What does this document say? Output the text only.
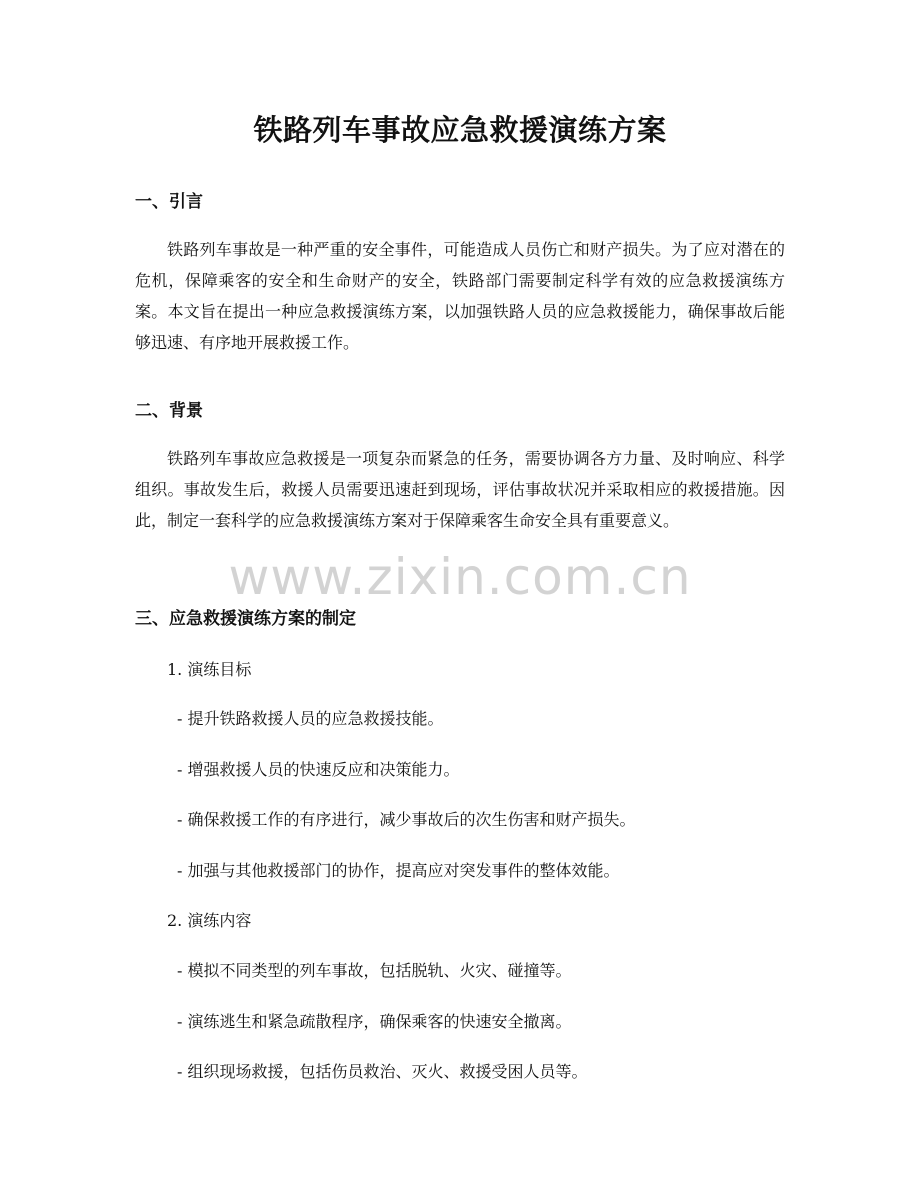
铁路列车事故应急救援演练方案
一、引言

铁路列车事故是一种严重的安全事件，可能造成人员伤亡和财产损失。为了应对潜在的危机，保障乘客的安全和生命财产的安全，铁路部门需要制定科学有效的应急救援演练方案。本文旨在提出一种应急救援演练方案，以加强铁路人员的应急救援能力，确保事故后能够迅速、有序地开展救援工作。

二、背景

铁路列车事故应急救援是一项复杂而紧急的任务，需要协调各方力量、及时响应、科学组织。事故发生后，救援人员需要迅速赶到现场，评估事故状况并采取相应的救援措施。因此，制定一套科学的应急救援演练方案对于保障乘客生命安全具有重要意义。

三、应急救援演练方案的制定
1. 演练目标
- 提升铁路救援人员的应急救援技能。
- 增强救援人员的快速反应和决策能力。
- 确保救援工作的有序进行，减少事故后的次生伤害和财产损失。
- 加强与其他救援部门的协作，提高应对突发事件的整体效能。
2. 演练内容
- 模拟不同类型的列车事故，包括脱轨、火灾、碰撞等。
- 演练逃生和紧急疏散程序，确保乘客的快速安全撤离。
- 组织现场救援，包括伤员救治、灭火、救援受困人员等。
www.zixin.com.cn
